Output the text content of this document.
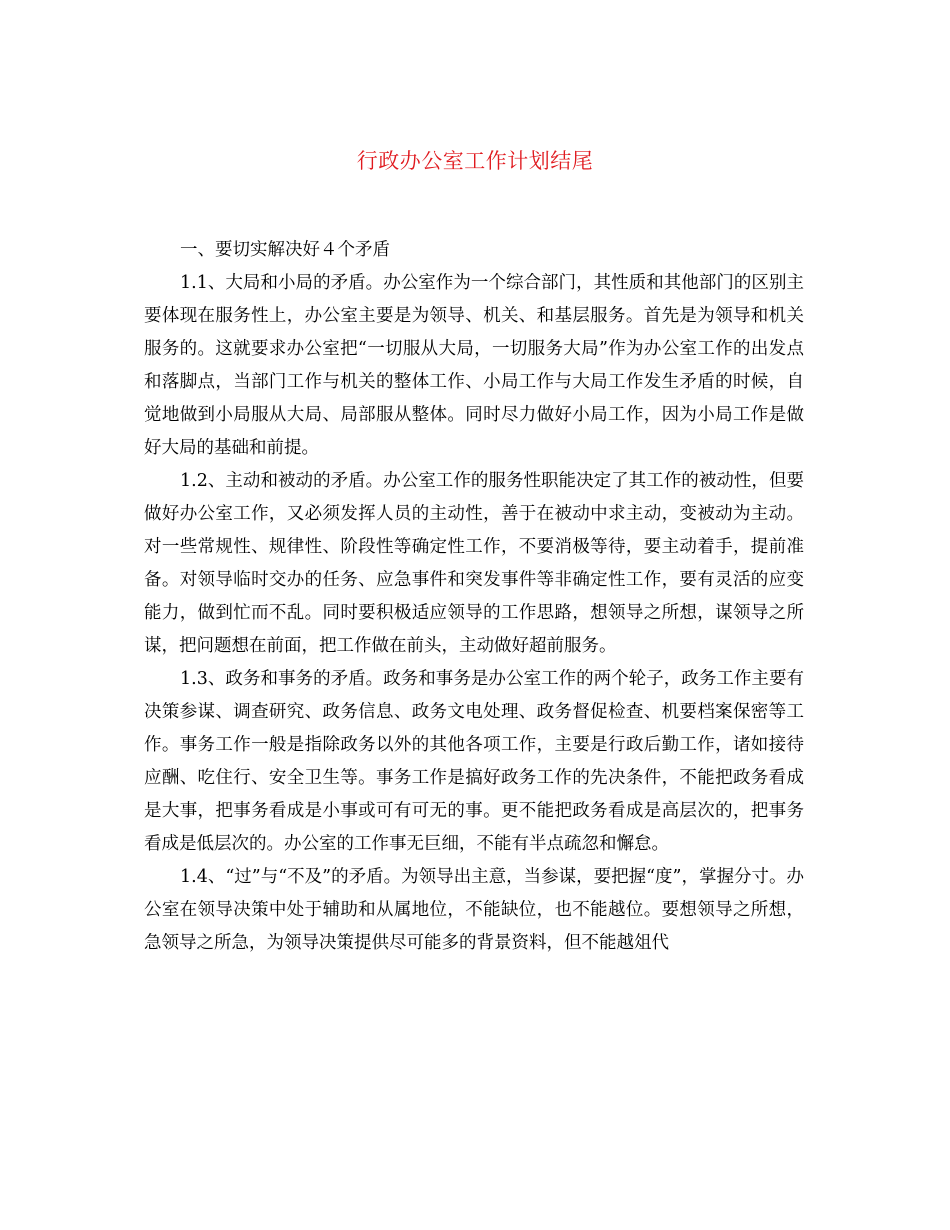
行政办公室工作计划结尾

一、要切实解决好４个矛盾

1.1、大局和小局的矛盾。办公室作为一个综合部门，其性质和其他部门的区别主要体现在服务性上，办公室主要是为领导、机关、和基层服务。首先是为领导和机关服务的。这就要求办公室把“一切服从大局，一切服务大局”作为办公室工作的出发点和落脚点，当部门工作与机关的整体工作、小局工作与大局工作发生矛盾的时候，自觉地做到小局服从大局、局部服从整体。同时尽力做好小局工作，因为小局工作是做好大局的基础和前提。

1.2、主动和被动的矛盾。办公室工作的服务性职能决定了其工作的被动性，但要做好办公室工作，又必须发挥人员的主动性，善于在被动中求主动，变被动为主动。对一些常规性、规律性、阶段性等确定性工作，不要消极等待，要主动着手，提前准备。对领导临时交办的任务、应急事件和突发事件等非确定性工作，要有灵活的应变能力，做到忙而不乱。同时要积极适应领导的工作思路，想领导之所想，谋领导之所谋，把问题想在前面，把工作做在前头，主动做好超前服务。

1.3、政务和事务的矛盾。政务和事务是办公室工作的两个轮子，政务工作主要有决策参谋、调查研究、政务信息、政务文电处理、政务督促检查、机要档案保密等工作。事务工作一般是指除政务以外的其他各项工作，主要是行政后勤工作，诸如接待应酬、吃住行、安全卫生等。事务工作是搞好政务工作的先决条件，不能把政务看成是大事，把事务看成是小事或可有可无的事。更不能把政务看成是高层次的，把事务看成是低层次的。办公室的工作事无巨细，不能有半点疏忽和懈怠。

1.4、“过”与“不及”的矛盾。为领导出主意，当参谋，要把握“度”，掌握分寸。办公室在领导决策中处于辅助和从属地位，不能缺位，也不能越位。要想领导之所想，急领导之所急，为领导决策提供尽可能多的背景资料，但不能越俎代
